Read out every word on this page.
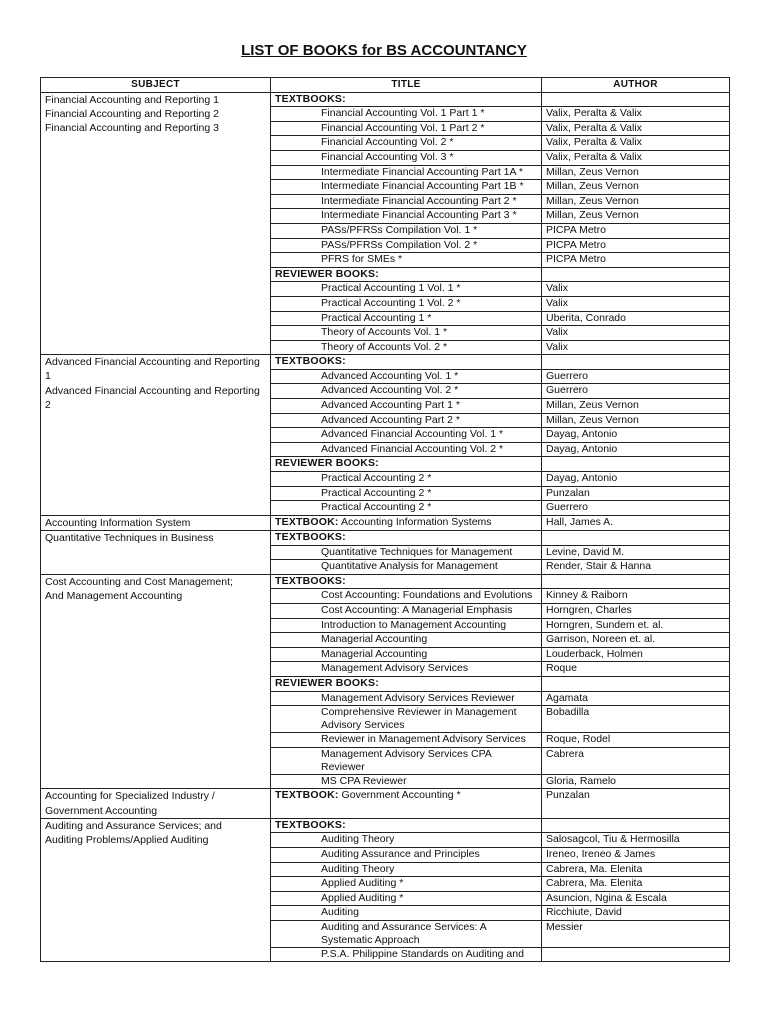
LIST OF BOOKS for BS ACCOUNTANCY
SUBJECT	TITLE	AUTHOR

Financial Accounting and Reporting 1
Financial Accounting and Reporting 2
Financial Accounting and Reporting 3	TEXTBOOKS:	
	Financial Accounting Vol. 1 Part 1 *	Valix, Peralta & Valix
	Financial Accounting Vol. 1 Part 2 *	Valix, Peralta & Valix
	Financial Accounting Vol. 2 *	Valix, Peralta & Valix
	Financial Accounting Vol. 3 *	Valix, Peralta & Valix
	Intermediate Financial Accounting Part 1A *	Millan, Zeus Vernon
	Intermediate Financial Accounting Part 1B *	Millan, Zeus Vernon
	Intermediate Financial Accounting Part 2 *	Millan, Zeus Vernon
	Intermediate Financial Accounting Part 3 *	Millan, Zeus Vernon
	PASs/PFRSs Compilation Vol. 1 *	PICPA Metro
	PASs/PFRSs Compilation Vol. 2 *	PICPA Metro
	PFRS for SMEs *	PICPA Metro
	REVIEWER BOOKS:	
	Practical Accounting 1 Vol. 1 *	Valix
	Practical Accounting 1 Vol. 2 *	Valix
	Practical Accounting 1 *	Uberita, Conrado
	Theory of Accounts Vol. 1 *	Valix
	Theory of Accounts Vol. 2 *	Valix

Advanced Financial Accounting and Reporting 1
Advanced Financial Accounting and Reporting 2	TEXTBOOKS:	
	Advanced Accounting Vol. 1 *	Guerrero
	Advanced Accounting Vol. 2 *	Guerrero
	Advanced Accounting Part 1 *	Millan, Zeus Vernon
	Advanced Accounting Part 2 *	Millan, Zeus Vernon
	Advanced Financial Accounting Vol. 1 *	Dayag, Antonio
	Advanced Financial Accounting Vol. 2 *	Dayag, Antonio
	REVIEWER BOOKS:	
	Practical Accounting 2 *	Dayag, Antonio
	Practical Accounting 2 *	Punzalan
	Practical Accounting 2 *	Guerrero

Accounting Information System	TEXTBOOK: Accounting Information Systems	Hall, James A.

Quantitative Techniques in Business	TEXTBOOKS:	
	Quantitative Techniques for Management	Levine, David M.
	Quantitative Analysis for Management	Render, Stair & Hanna

Cost Accounting and Cost Management;
And Management Accounting	TEXTBOOKS:	
	Cost Accounting: Foundations and Evolutions	Kinney & Raiborn
	Cost Accounting: A Managerial Emphasis	Horngren, Charles
	Introduction to Management Accounting	Horngren, Sundem et. al.
	Managerial Accounting	Garrison, Noreen et. al.
	Managerial Accounting	Louderback, Holmen
	Management Advisory Services	Roque
	REVIEWER BOOKS:	
	Management Advisory Services Reviewer	Agamata
	Comprehensive Reviewer in Management Advisory Services	Bobadilla
	Reviewer in Management Advisory Services	Roque, Rodel
	Management Advisory Services CPA Reviewer	Cabrera
	MS CPA Reviewer	Gloria, Ramelo

Accounting for Specialized Industry /
Government Accounting	TEXTBOOK: Government Accounting *	Punzalan

Auditing and Assurance Services; and
Auditing Problems/Applied Auditing	TEXTBOOKS:	
	Auditing Theory	Salosagcol, Tiu & Hermosilla
	Auditing Assurance and Principles	Ireneo, Ireneo & James
	Auditing Theory	Cabrera, Ma. Elenita
	Applied Auditing *	Cabrera, Ma. Elenita
	Applied Auditing *	Asuncion, Ngina & Escala
	Auditing	Ricchiute, David
	Auditing and Assurance Services: A Systematic Approach	Messier
	P.S.A. Philippine Standards on Auditing and	
